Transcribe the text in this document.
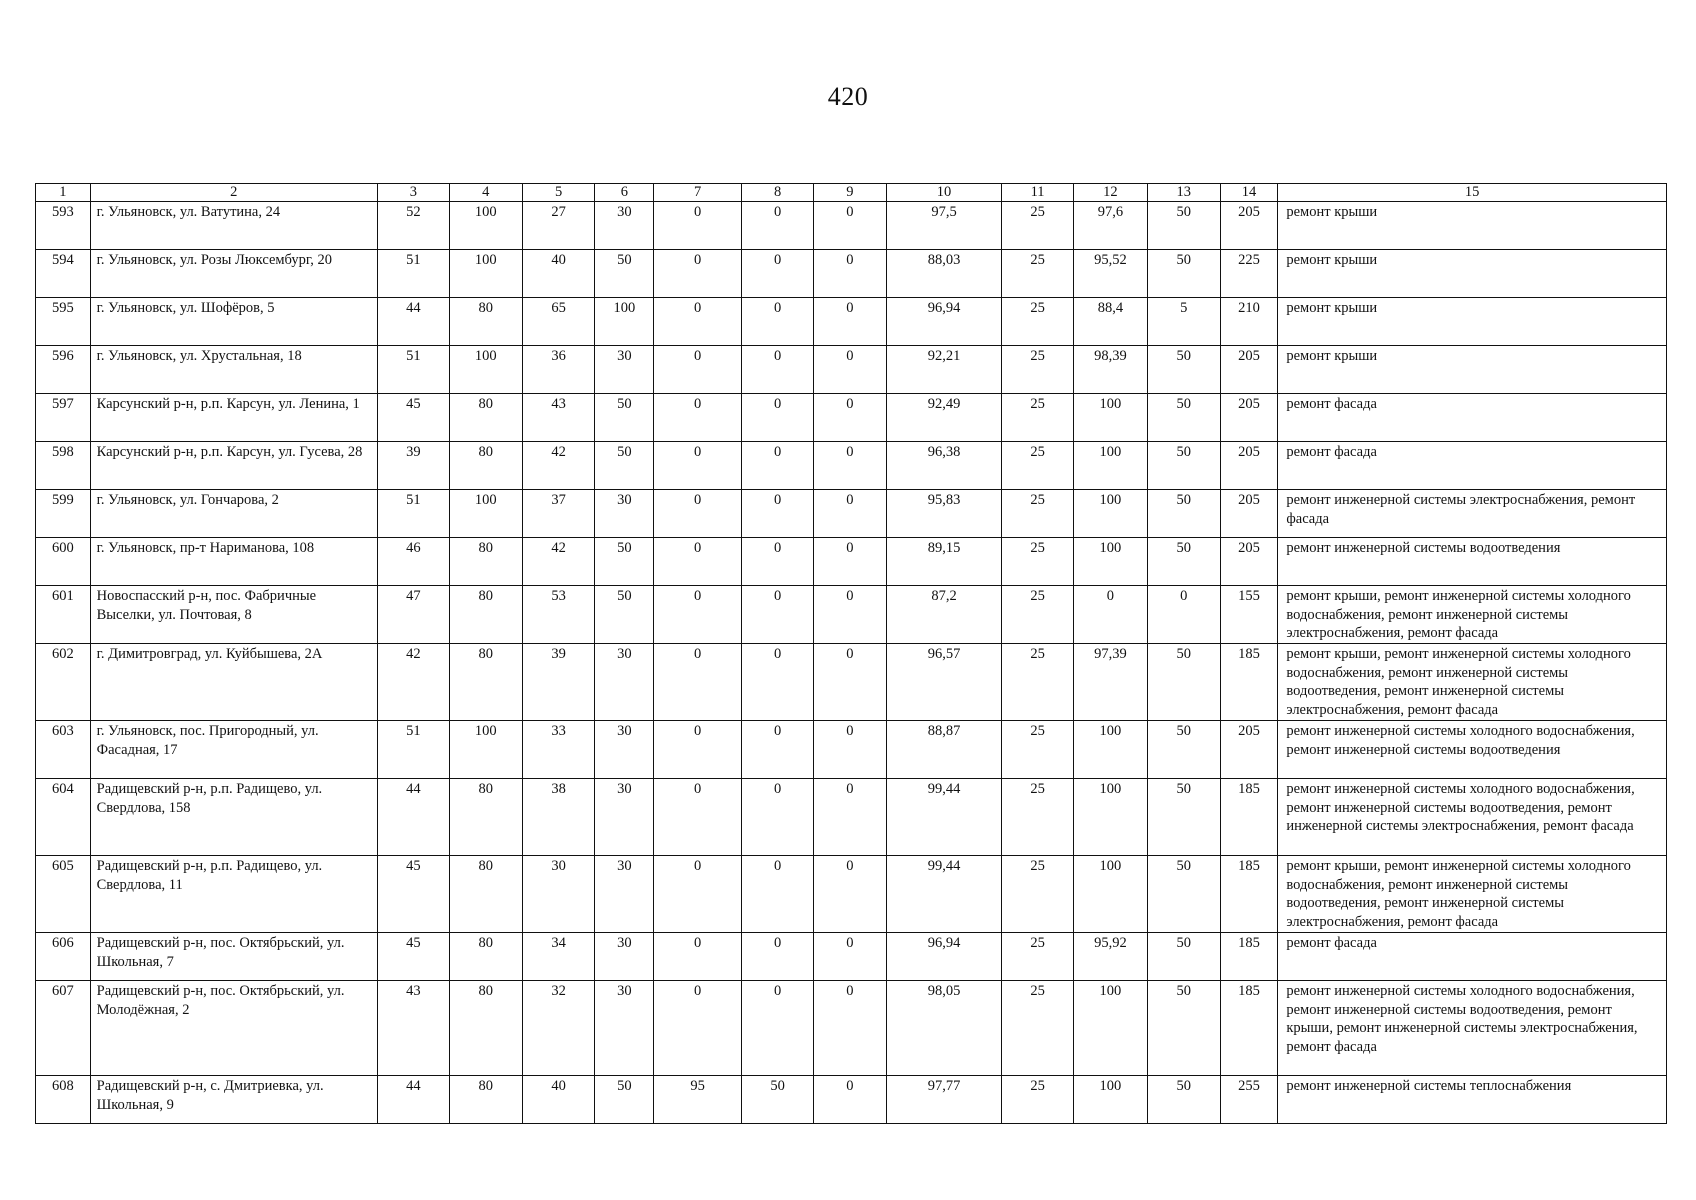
420
1	2	3	4	5	6	7	8	9	10	11	12	13	14	15
593	г. Ульяновск, ул. Ватутина, 24	52	100	27	30	0	0	0	97,5	25	97,6	50	205	ремонт крыши
594	г. Ульяновск, ул. Розы Люксембург, 20	51	100	40	50	0	0	0	88,03	25	95,52	50	225	ремонт крыши
595	г. Ульяновск, ул. Шофёров, 5	44	80	65	100	0	0	0	96,94	25	88,4	5	210	ремонт крыши
596	г. Ульяновск, ул. Хрустальная, 18	51	100	36	30	0	0	0	92,21	25	98,39	50	205	ремонт крыши
597	Карсунский р-н, р.п. Карсун, ул. Ленина, 1	45	80	43	50	0	0	0	92,49	25	100	50	205	ремонт фасада
598	Карсунский р-н, р.п. Карсун, ул. Гусева, 28	39	80	42	50	0	0	0	96,38	25	100	50	205	ремонт фасада
599	г. Ульяновск, ул. Гончарова, 2	51	100	37	30	0	0	0	95,83	25	100	50	205	ремонт инженерной системы электроснабжения, ремонт фасада
600	г. Ульяновск, пр-т Нариманова, 108	46	80	42	50	0	0	0	89,15	25	100	50	205	ремонт инженерной системы водоотведения
601	Новоспасский р-н, пос. Фабричные Выселки, ул. Почтовая, 8	47	80	53	50	0	0	0	87,2	25	0	0	155	ремонт крыши, ремонт инженерной системы холодного водоснабжения, ремонт инженерной системы электроснабжения, ремонт фасада
602	г. Димитровград, ул. Куйбышева, 2А	42	80	39	30	0	0	0	96,57	25	97,39	50	185	ремонт крыши, ремонт инженерной системы холодного водоснабжения, ремонт инженерной системы водоотведения, ремонт инженерной системы электроснабжения, ремонт фасада
603	г. Ульяновск, пос. Пригородный, ул. Фасадная, 17	51	100	33	30	0	0	0	88,87	25	100	50	205	ремонт инженерной системы холодного водоснабжения, ремонт инженерной системы водоотведения
604	Радищевский р-н, р.п. Радищево, ул. Свердлова, 158	44	80	38	30	0	0	0	99,44	25	100	50	185	ремонт инженерной системы холодного водоснабжения, ремонт инженерной системы водоотведения, ремонт инженерной системы электроснабжения, ремонт фасада
605	Радищевский р-н, р.п. Радищево, ул. Свердлова, 11	45	80	30	30	0	0	0	99,44	25	100	50	185	ремонт крыши, ремонт инженерной системы холодного водоснабжения, ремонт инженерной системы водоотведения, ремонт инженерной системы электроснабжения, ремонт фасада
606	Радищевский р-н, пос. Октябрьский, ул. Школьная, 7	45	80	34	30	0	0	0	96,94	25	95,92	50	185	ремонт фасада
607	Радищевский р-н, пос. Октябрьский, ул. Молодёжная, 2	43	80	32	30	0	0	0	98,05	25	100	50	185	ремонт инженерной системы холодного водоснабжения, ремонт инженерной системы водоотведения, ремонт крыши, ремонт инженерной системы электроснабжения, ремонт фасада
608	Радищевский р-н, с. Дмитриевка, ул. Школьная, 9	44	80	40	50	95	50	0	97,77	25	100	50	255	ремонт инженерной системы теплоснабжения
